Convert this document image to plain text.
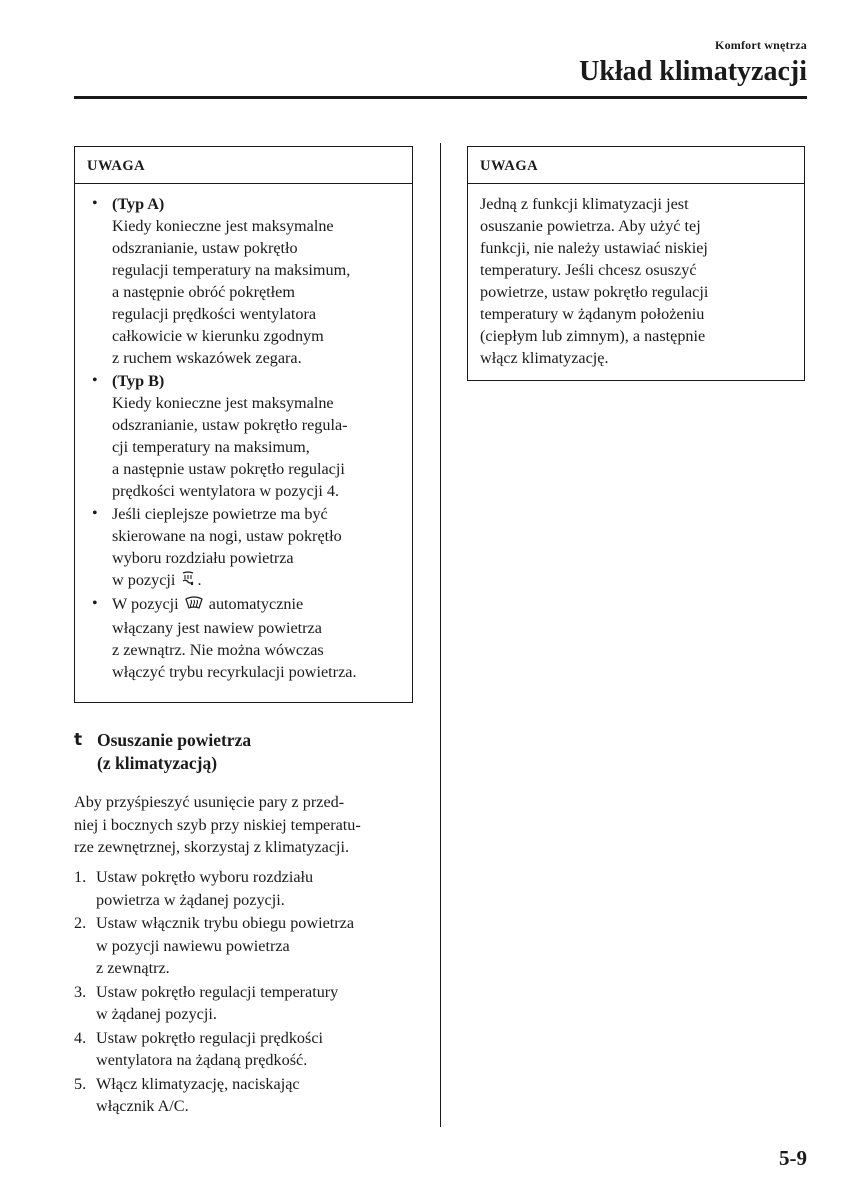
Komfort wnętrza
Układ klimatyzacji
UWAGA
• (Typ A)
Kiedy konieczne jest maksymalne
odszranianie, ustaw pokrętło
regulacji temperatury na maksimum,
a następnie obróć pokrętłem
regulacji prędkości wentylatora
całkowicie w kierunku zgodnym
z ruchem wskazówek zegara.
• (Typ B)
Kiedy konieczne jest maksymalne
odszranianie, ustaw pokrętło regula-
cji temperatury na maksimum,
a następnie ustaw pokrętło regulacji
prędkości wentylatora w pozycji 4.
• Jeśli cieplejsze powietrze ma być
skierowane na nogi, ustaw pokrętło
wyboru rozdziału powietrza
w pozycji .
• W pozycji automatycznie
włączany jest nawiew powietrza
z zewnątrz. Nie można wówczas
włączyć trybu recyrkulacji powietrza.
UWAGA
Jedną z funkcji klimatyzacji jest
osuszanie powietrza. Aby użyć tej
funkcji, nie należy ustawiać niskiej
temperatury. Jeśli chcesz osuszyć
powietrze, ustaw pokrętło regulacji
temperatury w żądanym położeniu
(ciepłym lub zimnym), a następnie
włącz klimatyzację.
t Osuszanie powietrza
(z klimatyzacją)

Aby przyśpieszyć usunięcie pary z przed-
niej i bocznych szyb przy niskiej temperatu-
rze zewnętrznej, skorzystaj z klimatyzacji.

1. Ustaw pokrętło wyboru rozdziału
powietrza w żądanej pozycji.
2. Ustaw włącznik trybu obiegu powietrza
w pozycji nawiewu powietrza
z zewnątrz.
3. Ustaw pokrętło regulacji temperatury
w żądanej pozycji.
4. Ustaw pokrętło regulacji prędkości
wentylatora na żądaną prędkość.
5. Włącz klimatyzację, naciskając
włącznik A/C.
5-9
